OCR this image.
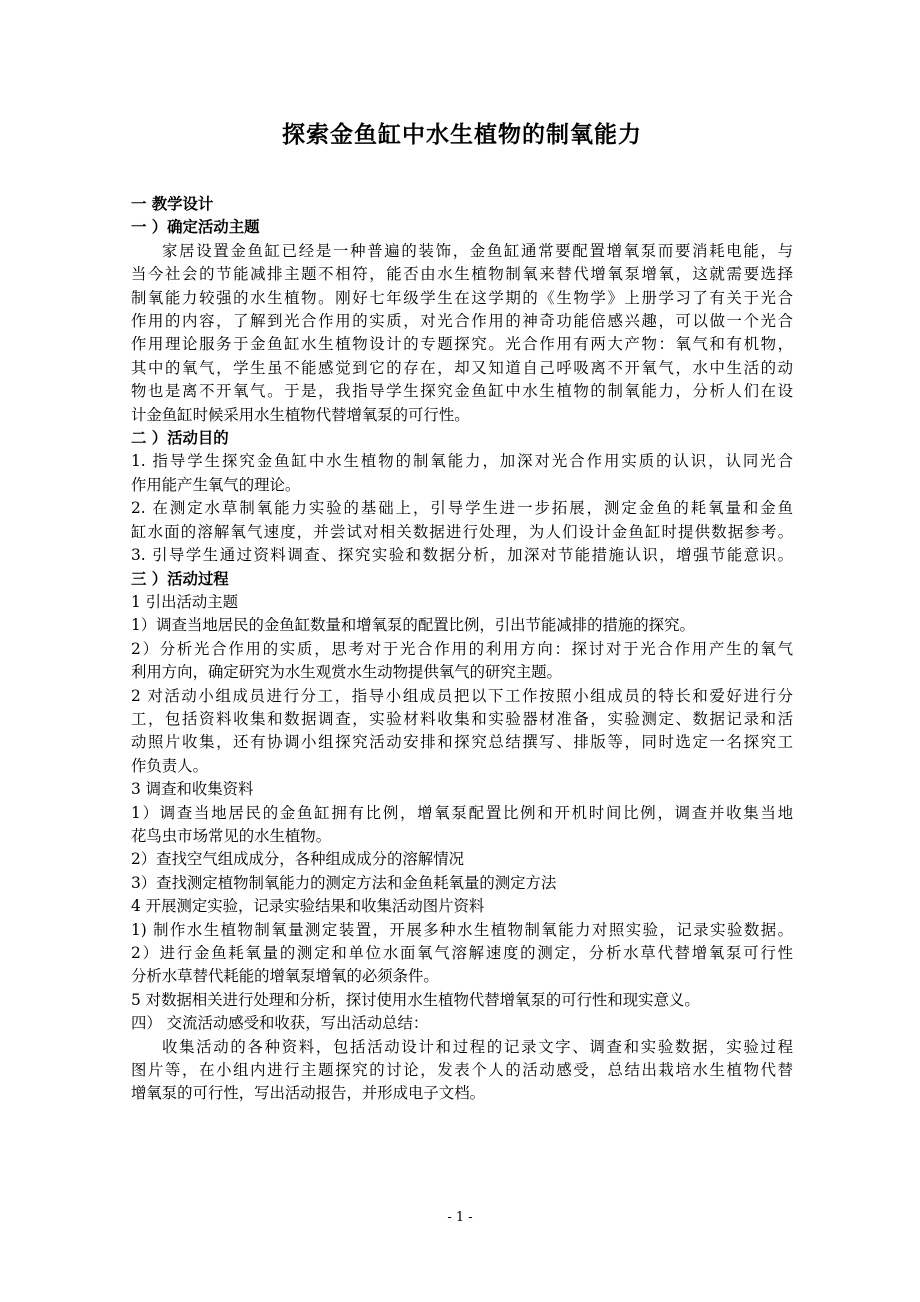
探索金鱼缸中水生植物的制氧能力
一 教学设计
一 ）确定活动主题
家居设置金鱼缸已经是一种普遍的装饰，金鱼缸通常要配置增氧泵而要消耗电能，与
当今社会的节能减排主题不相符，能否由水生植物制氧来替代增氧泵增氧，这就需要选择
制氧能力较强的水生植物。刚好七年级学生在这学期的《生物学》上册学习了有关于光合
作用的内容，了解到光合作用的实质，对光合作用的神奇功能倍感兴趣，可以做一个光合
作用理论服务于金鱼缸水生植物设计的专题探究。光合作用有两大产物：氧气和有机物，
其中的氧气，学生虽不能感觉到它的存在，却又知道自己呼吸离不开氧气，水中生活的动
物也是离不开氧气。于是，我指导学生探究金鱼缸中水生植物的制氧能力，分析人们在设
计金鱼缸时候采用水生植物代替增氧泵的可行性。
二 ）活动目的
1. 指导学生探究金鱼缸中水生植物的制氧能力，加深对光合作用实质的认识，认同光合
作用能产生氧气的理论。
2. 在测定水草制氧能力实验的基础上，引导学生进一步拓展，测定金鱼的耗氧量和金鱼
缸水面的溶解氧气速度，并尝试对相关数据进行处理，为人们设计金鱼缸时提供数据参考。
3. 引导学生通过资料调查、探究实验和数据分析，加深对节能措施认识，增强节能意识。
三 ）活动过程
1 引出活动主题
1）调查当地居民的金鱼缸数量和增氧泵的配置比例，引出节能减排的措施的探究。
2）分析光合作用的实质，思考对于光合作用的利用方向：探讨对于光合作用产生的氧气
利用方向，确定研究为水生观赏水生动物提供氧气的研究主题。
2 对活动小组成员进行分工，指导小组成员把以下工作按照小组成员的特长和爱好进行分
工，包括资料收集和数据调查，实验材料收集和实验器材准备，实验测定、数据记录和活
动照片收集，还有协调小组探究活动安排和探究总结撰写、排版等，同时选定一名探究工
作负责人。
3 调查和收集资料
1）调查当地居民的金鱼缸拥有比例，增氧泵配置比例和开机时间比例，调查并收集当地
花鸟虫市场常见的水生植物。
2）查找空气组成成分，各种组成成分的溶解情况
3）查找测定植物制氧能力的测定方法和金鱼耗氧量的测定方法
4 开展测定实验，记录实验结果和收集活动图片资料
1) 制作水生植物制氧量测定装置，开展多种水生植物制氧能力对照实验，记录实验数据。
2）进行金鱼耗氧量的测定和单位水面氧气溶解速度的测定，分析水草代替增氧泵可行性
分析水草替代耗能的增氧泵增氧的必须条件。
5 对数据相关进行处理和分析，探讨使用水生植物代替增氧泵的可行性和现实意义。
四） 交流活动感受和收获，写出活动总结：
收集活动的各种资料，包括活动设计和过程的记录文字、调查和实验数据，实验过程
图片等，在小组内进行主题探究的讨论，发表个人的活动感受，总结出栽培水生植物代替
增氧泵的可行性，写出活动报告，并形成电子文档。
- 1 -
